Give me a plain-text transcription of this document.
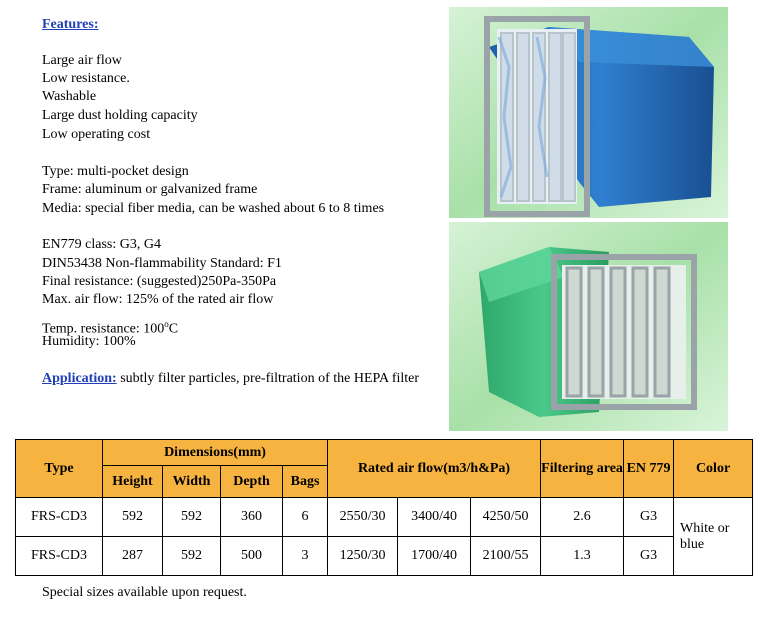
Features:
Large air flow
Low resistance.
Washable
Large dust holding capacity
Low operating cost
Type: multi-pocket design
Frame: aluminum or galvanized frame
Media: special fiber media, can be washed about 6 to 8 times
EN779 class: G3, G4
DIN53438 Non-flammability Standard: F1
Final resistance: (suggested)250Pa-350Pa
Max. air flow: 125% of the rated air flow
Temp. resistance: 100$^o$C
Humidity: 100%
Application: subtly filter particles, pre-filtration of the HEPA filter
Type	Dimensions(mm)				Rated air flow(m3/h&Pa)			Filtering area	EN 779	Color
	Height	Width	Depth	Bags						
FRS-CD3	592	592	360	6	2550/30	3400/40	4250/50	2.6	G3	White or blue
FRS-CD3	287	592	500	3	1250/30	1700/40	2100/55	1.3	G3	
Special sizes available upon request.
